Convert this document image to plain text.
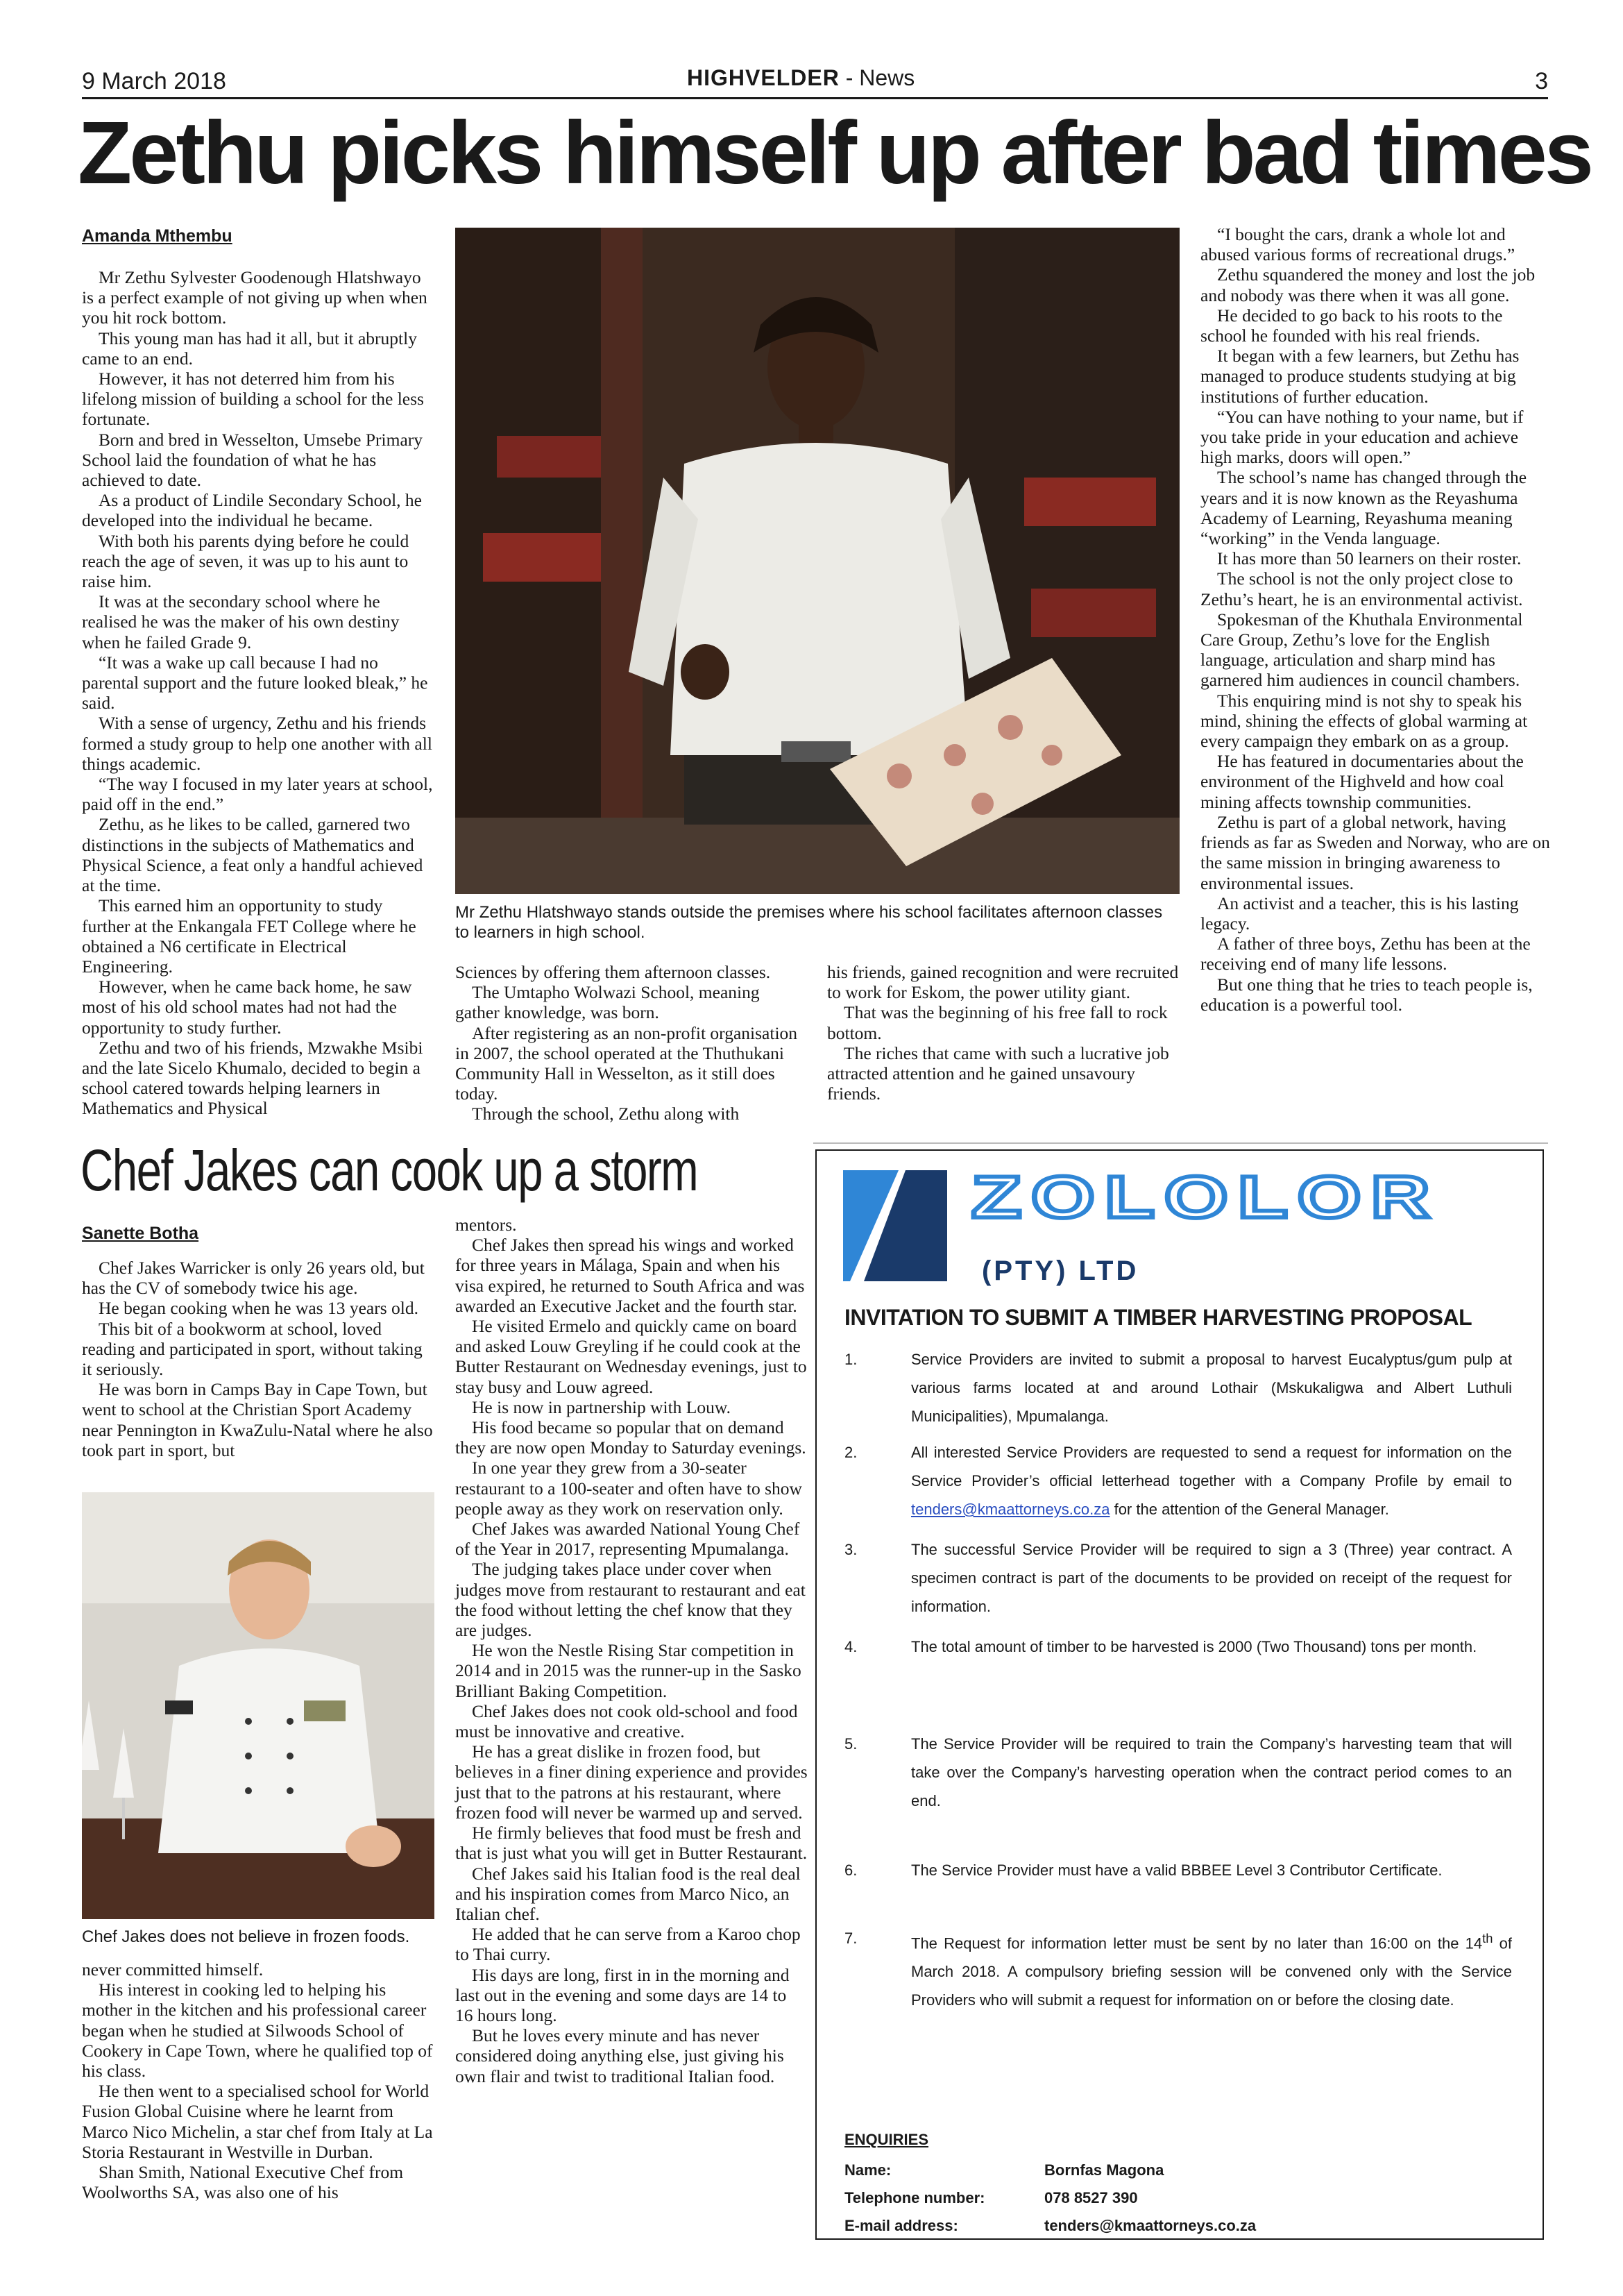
9 March 2018	HIGHVELDER - News	3
Zethu picks himself up after bad times
Amanda Mthembu

Mr Zethu Sylvester Goodenough Hlatshwayo is a perfect example of not giving up when when you hit rock bottom.

This young man has had it all, but it abruptly came to an end.

However, it has not deterred him from his lifelong mission of building a school for the less fortunate.

Born and bred in Wesselton, Umsebe Primary School laid the foundation of what he has achieved to date.

As a product of Lindile Secondary School, he developed into the individual he became.

With both his parents dying before he could reach the age of seven, it was up to his aunt to raise him.

It was at the secondary school where he realised he was the maker of his own destiny when he failed Grade 9.

“It was a wake up call because I had no parental support and the future looked bleak,” he said.

With a sense of urgency, Zethu and his friends formed a study group to help one another with all things academic.

“The way I focused in my later years at school, paid off in the end.”

Zethu, as he likes to be called, garnered two distinctions in the subjects of Mathematics and Physical Science, a feat only a handful achieved at the time.

This earned him an opportunity to study further at the Enkangala FET College where he obtained a N6 certificate in Electrical Engineering.

However, when he came back home, he saw most of his old school mates had not had the opportunity to study further.

Zethu and two of his friends, Mzwakhe Msibi and the late Sicelo Khumalo, decided to begin a school catered towards helping learners in Mathematics and Physical

Mr Zethu Hlatshwayo stands outside the premises where his school facilitates afternoon classes to learners in high school.

Sciences by offering them afternoon classes.

The Umtapho Wolwazi School, meaning gather knowledge, was born.

After registering as an non-profit organisation in 2007, the school operated at the Thuthukani Community Hall in Wesselton, as it still does today.

Through the school, Zethu along with

his friends, gained recognition and were recruited to work for Eskom, the power utility giant.

That was the beginning of his free fall to rock bottom.

The riches that came with such a lucrative job attracted attention and he gained unsavoury friends.

“I bought the cars, drank a whole lot and abused various forms of recreational drugs.”

Zethu squandered the money and lost the job and nobody was there when it was all gone.

He decided to go back to his roots to the school he founded with his real friends.

It began with a few learners, but Zethu has managed to produce students studying at big institutions of further education.

“You can have nothing to your name, but if you take pride in your education and achieve high marks, doors will open.”

The school’s name has changed through the years and it is now known as the Reyashuma Academy of Learning, Reyashuma meaning “working” in the Venda language.

It has more than 50 learners on their roster.

The school is not the only project close to Zethu’s heart, he is an environmental activist.

Spokesman of the Khuthala Environmental Care Group, Zethu’s love for the English language, articulation and sharp mind has garnered him audiences in council chambers.

This enquiring mind is not shy to speak his mind, shining the effects of global warming at every campaign they embark on as a group.

He has featured in documentaries about the environment of the Highveld and how coal mining affects township communities.

Zethu is part of a global network, having friends as far as Sweden and Norway, who are on the same mission in bringing awareness to environmental issues.

An activist and a teacher, this is his lasting legacy.

A father of three boys, Zethu has been at the receiving end of many life lessons.

But one thing that he tries to teach people is, education is a powerful tool.

Chef Jakes can cook up a storm
Sanette Botha

Chef Jakes Warricker is only 26 years old, but has the CV of somebody twice his age.

He began cooking when he was 13 years old.

This bit of a bookworm at school, loved reading and participated in sport, without taking it seriously.

He was born in Camps Bay in Cape Town, but went to school at the Christian Sport Academy near Pennington in KwaZulu-Natal where he also took part in sport, but

Chef Jakes does not believe in frozen foods.

never committed himself.

His interest in cooking led to helping his mother in the kitchen and his professional career began when he studied at Silwoods School of Cookery in Cape Town, where he qualified top of his class.

He then went to a specialised school for World Fusion Global Cuisine where he learnt from Marco Nico Michelin, a star chef from Italy at La Storia Restaurant in Westville in Durban.

Shan Smith, National Executive Chef from Woolworths SA, was also one of his

mentors.

Chef Jakes then spread his wings and worked for three years in Málaga, Spain and when his visa expired, he returned to South Africa and was awarded an Executive Jacket and the fourth star.

He visited Ermelo and quickly came on board and asked Louw Greyling if he could cook at the Butter Restaurant on Wednesday evenings, just to stay busy and Louw agreed.

He is now in partnership with Louw.

His food became so popular that on demand they are now open Monday to Saturday evenings.

In one year they grew from a 30-seater restaurant to a 100-seater and often have to show people away as they work on reservation only.

Chef Jakes was awarded National Young Chef of the Year in 2017, representing Mpumalanga.

The judging takes place under cover when judges move from restaurant to restaurant and eat the food without letting the chef know that they are judges.

He won the Nestle Rising Star competition in 2014 and in 2015 was the runner-up in the Sasko Brilliant Baking Competition.

Chef Jakes does not cook old-school and food must be innovative and creative.

He has a great dislike in frozen food, but believes in a finer dining experience and provides just that to the patrons at his restaurant, where frozen food will never be warmed up and served.

He firmly believes that food must be fresh and that is just what you will get in Butter Restaurant.

Chef Jakes said his Italian food is the real deal and his inspiration comes from Marco Nico, an Italian chef.

He added that he can serve from a Karoo chop to Thai curry.

His days are long, first in in the morning and last out in the evening and some days are 14 to 16 hours long.

But he loves every minute and has never considered doing anything else, just giving his own flair and twist to traditional Italian food.

ZOLOLOR
(PTY) LTD
INVITATION TO SUBMIT A TIMBER HARVESTING PROPOSAL
1.	Service Providers are invited to submit a proposal to harvest Eucalyptus/gum pulp at various farms located at and around Lothair (Mskukaligwa and Albert Luthuli Municipalities), Mpumalanga.
2.	All interested Service Providers are requested to send a request for information on the Service Provider’s official letterhead together with a Company Profile by email to tenders@kmaattorneys.co.za for the attention of the General Manager.
3.	The successful Service Provider will be required to sign a 3 (Three) year contract. A specimen contract is part of the documents to be provided on receipt of the request for information.
4.	The total amount of timber to be harvested is 2000 (Two Thousand) tons per month.
5.	The Service Provider will be required to train the Company’s harvesting team that will take over the Company’s harvesting operation when the contract period comes to an end.
6.	The Service Provider must have a valid BBBEE Level 3 Contributor Certificate.
7.	The Request for information letter must be sent by no later than 16:00 on the 14th of March 2018. A compulsory briefing session will be convened only with the Service Providers who will submit a request for information on or before the closing date.
ENQUIRIES
Name:	Bornfas Magona
Telephone number:	078 8527 390
E-mail address:	tenders@kmaattorneys.co.za
